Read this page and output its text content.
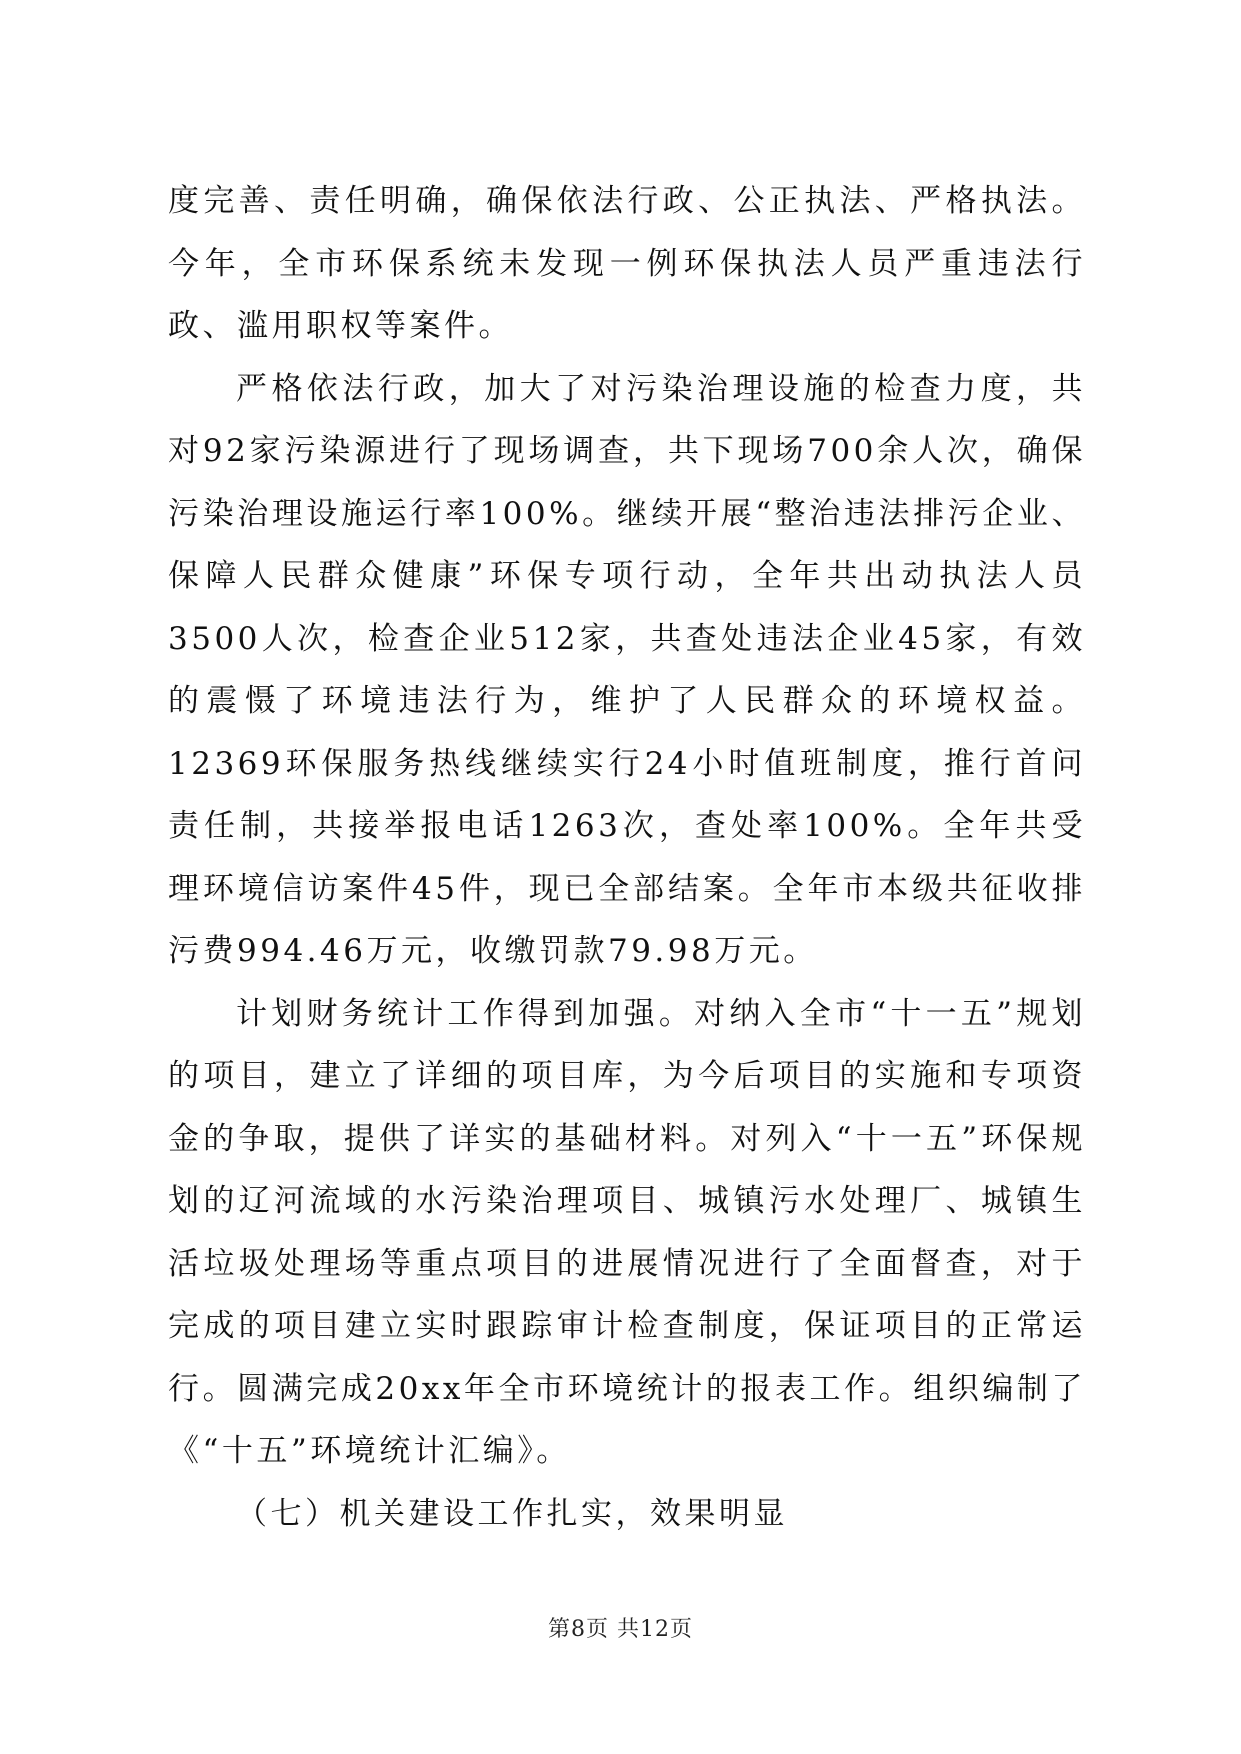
度完善、责任明确，确保依法行政、公正执法、严格执法。今年，全市环保系统未发现一例环保执法人员严重违法行政、滥用职权等案件。

严格依法行政，加大了对污染治理设施的检查力度，共对92家污染源进行了现场调查，共下现场700余人次，确保污染治理设施运行率100%。继续开展“整治违法排污企业、保障人民群众健康”环保专项行动，全年共出动执法人员3500人次，检查企业512家，共查处违法企业45家，有效的震慑了环境违法行为，维护了人民群众的环境权益。12369环保服务热线继续实行24小时值班制度，推行首问责任制，共接举报电话1263次，查处率100%。全年共受理环境信访案件45件，现已全部结案。全年市本级共征收排污费994.46万元，收缴罚款79.98万元。

计划财务统计工作得到加强。对纳入全市“十一五”规划的项目，建立了详细的项目库，为今后项目的实施和专项资金的争取，提供了详实的基础材料。对列入“十一五”环保规划的辽河流域的水污染治理项目、城镇污水处理厂、城镇生活垃圾处理场等重点项目的进展情况进行了全面督查，对于完成的项目建立实时跟踪审计检查制度，保证项目的正常运行。圆满完成20xx年全市环境统计的报表工作。组织编制了《“十五”环境统计汇编》。

（七）机关建设工作扎实，效果明显
第8页 共12页
